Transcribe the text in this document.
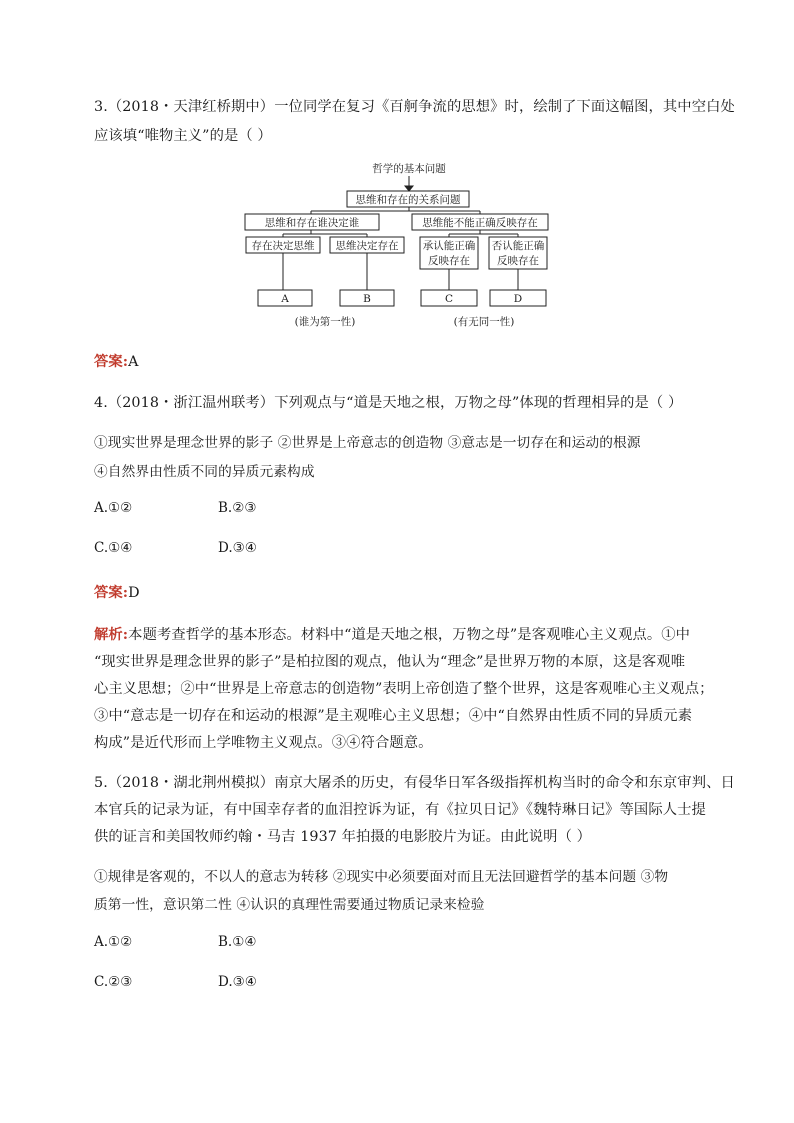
3.（2018・天津红桥期中）一位同学在复习《百舸争流的思想》时，绘制了下面这幅图，其中空白处
应该填“唯物主义”的是（ ）
哲学的基本问题
思维和存在的关系问题
思维和存在谁决定谁	思维能不能正确反映存在
存在决定思维 思维决定存在 承认能正确
反映存在
否认能正确
反映存在
A	B	C	D
(谁为第一性)	(有无同一性)
答案:A
4.（2018・浙江温州联考）下列观点与“道是天地之根，万物之母”体现的哲理相异的是（ ）
①现实世界是理念世界的影子 ②世界是上帝意志的创造物 ③意志是一切存在和运动的根源
④自然界由性质不同的异质元素构成
A.①②	B.②③
C.①④	D.③④
答案:D
解析:本题考查哲学的基本形态。材料中“道是天地之根，万物之母”是客观唯心主义观点。①中
“现实世界是理念世界的影子”是柏拉图的观点，他认为“理念”是世界万物的本原，这是客观唯
心主义思想；②中“世界是上帝意志的创造物”表明上帝创造了整个世界，这是客观唯心主义观点；
③中“意志是一切存在和运动的根源”是主观唯心主义思想；④中“自然界由性质不同的异质元素
构成”是近代形而上学唯物主义观点。③④符合题意。
5.（2018・湖北荆州模拟）南京大屠杀的历史，有侵华日军各级指挥机构当时的命令和东京审判、日
本官兵的记录为证，有中国幸存者的血泪控诉为证，有《拉贝日记》《魏特琳日记》等国际人士提
供的证言和美国牧师约翰・马吉 1937 年拍摄的电影胶片为证。由此说明（ ）
①规律是客观的，不以人的意志为转移 ②现实中必须要面对而且无法回避哲学的基本问题 ③物
质第一性，意识第二性 ④认识的真理性需要通过物质记录来检验
A.①②	B.①④
C.②③	D.③④
